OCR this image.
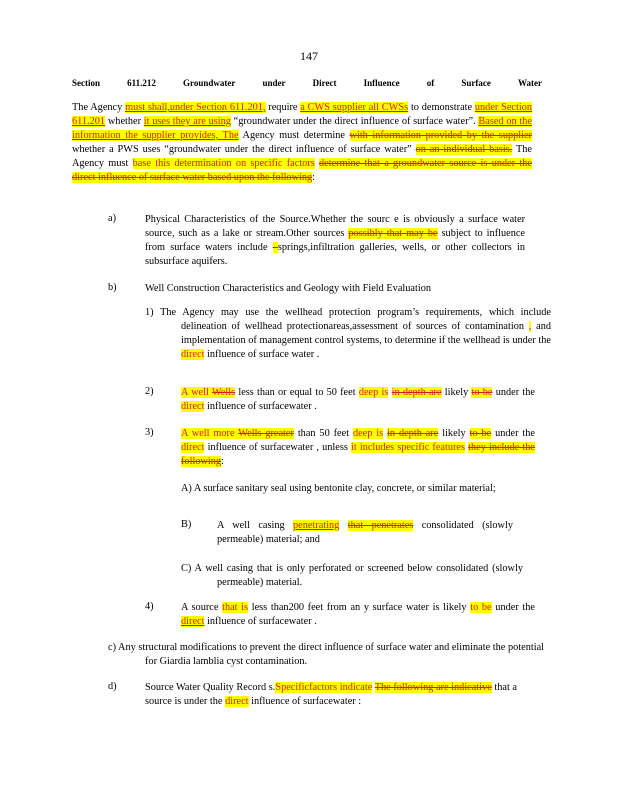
147
Section	611.212	Groundwater	under	Direct	Influence	of	Surface	Water
The Agency must shall,under Section 611.201, require a CWS supplier all CWSs to demonstrate under Section 611.201 whether it uses they are using “groundwater under the direct influence of surface water”. Based on the information the supplier provides, The Agency must determine with information provided by the supplier whether a PWS uses “groundwater under the direct influence of surface water” on an individual basis. The Agency must base this determination on specific factors determine that a groundwater source is under the direct influence of surface water based upon the following:
a)	Physical Characteristics of the Source.Whether the sourc e is obviously a surface water source, such as a lake or stream.Other sources possibly that may be subject to influence from surface waters include –springs,infiltration galleries, wells, or other collectors in subsurface aquifers.
b)	Well Construction Characteristics and Geology with Field Evaluation
1) The Agency may use the wellhead protection program’s requirements, which include delineation of wellhead protectionareas,assessment of sources of contamination , and implementation of management control systems, to determine if the wellhead is under the direct influence of surface water .
2)	A well Wells less than or equal to 50 feet deep is in depth are likely to be under the direct influence of surfacewater .
3)	A well more Wells greater than 50 feet deep is in depth are likely to be under the direct influence of surfacewater , unless it includes specific features they include the following:
A) A surface sanitary seal using bentonite clay, concrete, or similar material;
B) A well casing penetrating that penetrates consolidated (slowly permeable) material; and
C) A well casing that is only perforated or screened below consolidated (slowly permeable) material.
4)	A source that is less than200 feet from an y surface water is likely to be under the direct influence of surfacewater .
c) Any structural modifications to prevent the direct influence of surface water and eliminate the potential for Giardia lamblia cyst contamination.
d)	Source Water Quality Record s.Specificfactors indicate The following are indicative that a source is under the direct influence of surfacewater :
